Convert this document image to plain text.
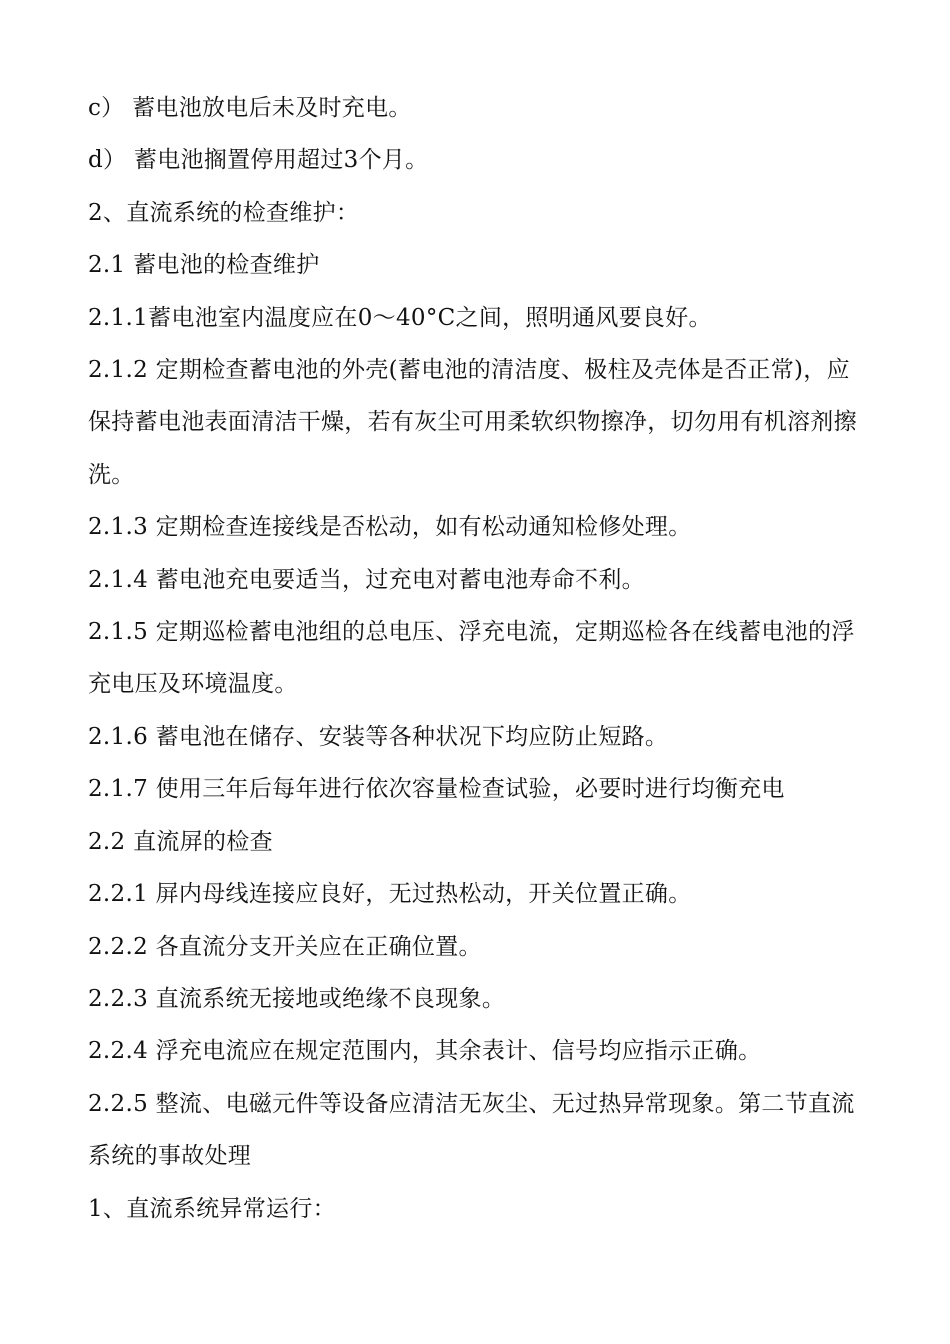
c） 蓄电池放电后未及时充电。

d） 蓄电池搁置停用超过3个月。

2、直流系统的检查维护：

2.1 蓄电池的检查维护

2.1.1蓄电池室内温度应在0〜40°C之间，照明通风要良好。

2.1.2 定期检查蓄电池的外壳(蓄电池的清洁度、极柱及壳体是否正常)，应保持蓄电池表面清洁干燥，若有灰尘可用柔软织物擦净，切勿用有机溶剂擦洗。

2.1.3 定期检查连接线是否松动，如有松动通知检修处理。

2.1.4 蓄电池充电要适当，过充电对蓄电池寿命不利。

2.1.5 定期巡检蓄电池组的总电压、浮充电流，定期巡检各在线蓄电池的浮充电压及环境温度。

2.1.6 蓄电池在储存、安装等各种状况下均应防止短路。

2.1.7 使用三年后每年进行依次容量检查试验，必要时进行均衡充电

2.2 直流屏的检查

2.2.1 屏内母线连接应良好，无过热松动，开关位置正确。

2.2.2 各直流分支开关应在正确位置。

2.2.3 直流系统无接地或绝缘不良现象。

2.2.4 浮充电流应在规定范围内，其余表计、信号均应指示正确。

2.2.5 整流、电磁元件等设备应清洁无灰尘、无过热异常现象。第二节直流系统的事故处理

1、直流系统异常运行：
